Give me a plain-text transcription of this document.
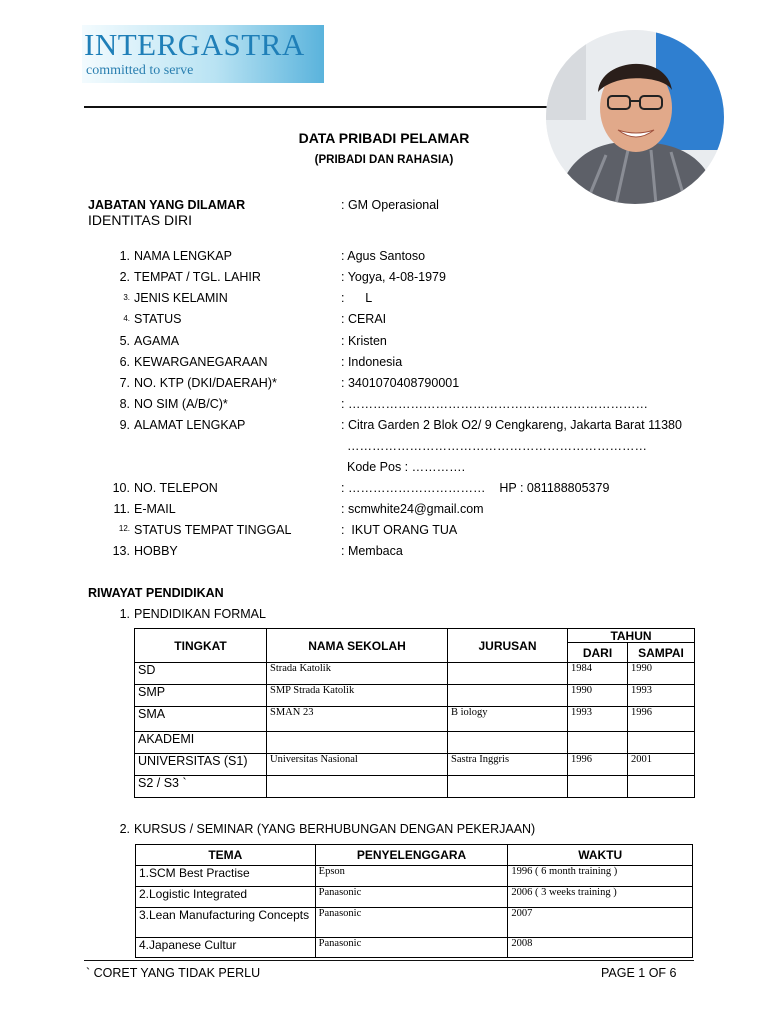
INTERGASTRA
committed to serve
DATA PRIBADI PELAMAR
(PRIBADI DAN RAHASIA)
JABATAN YANG DILAMAR	: GM Operasional
IDENTITAS DIRI
1. NAMA LENGKAP	: Agus Santoso
2. TEMPAT / TGL. LAHIR	: Yogya, 4-08-1979
3. JENIS KELAMIN	:      L
4. STATUS	: CERAI
5. AGAMA	: Kristen
6. KEWARGANEGARAAN	: Indonesia
7. NO. KTP (DKI/DAERAH)*	: 3401070408790001
8. NO SIM (A/B/C)*	: ………………………………………………………………
9. ALAMAT LENGKAP	: Citra Garden 2 Blok O2/ 9 Cengkareng, Jakarta Barat 11380
………………………………………………………………
Kode Pos : ………….
10. NO. TELEPON	: ……………………………    HP : 081188805379
11. E-MAIL	: scmwhite24@gmail.com
12. STATUS TEMPAT TINGGAL	:  IKUT ORANG TUA
13. HOBBY	: Membaca
RIWAYAT PENDIDIKAN
1. PENDIDIKAN FORMAL
TINGKAT	NAMA SEKOLAH	JURUSAN	TAHUN	
			DARI	SAMPAI
SD	Strada Katolik		1984	1990
SMP	SMP Strada Katolik		1990	1993
SMA	SMAN 23	B iology	1993	1996
AKADEMI				
UNIVERSITAS (S1)	Universitas Nasional	Sastra Inggris	1996	2001
S2 / S3 `				
2. KURSUS / SEMINAR (YANG BERHUBUNGAN DENGAN PEKERJAAN)
TEMA	PENYELENGGARA	WAKTU
1.SCM Best Practise	Epson	1996 ( 6 month training )
2.Logistic Integrated	Panasonic	2006 ( 3 weeks training )
3.Lean Manufacturing Concepts	Panasonic	2007
4.Japanese Cultur	Panasonic	2008
` CORET YANG TIDAK PERLU	PAGE 1 OF 6
